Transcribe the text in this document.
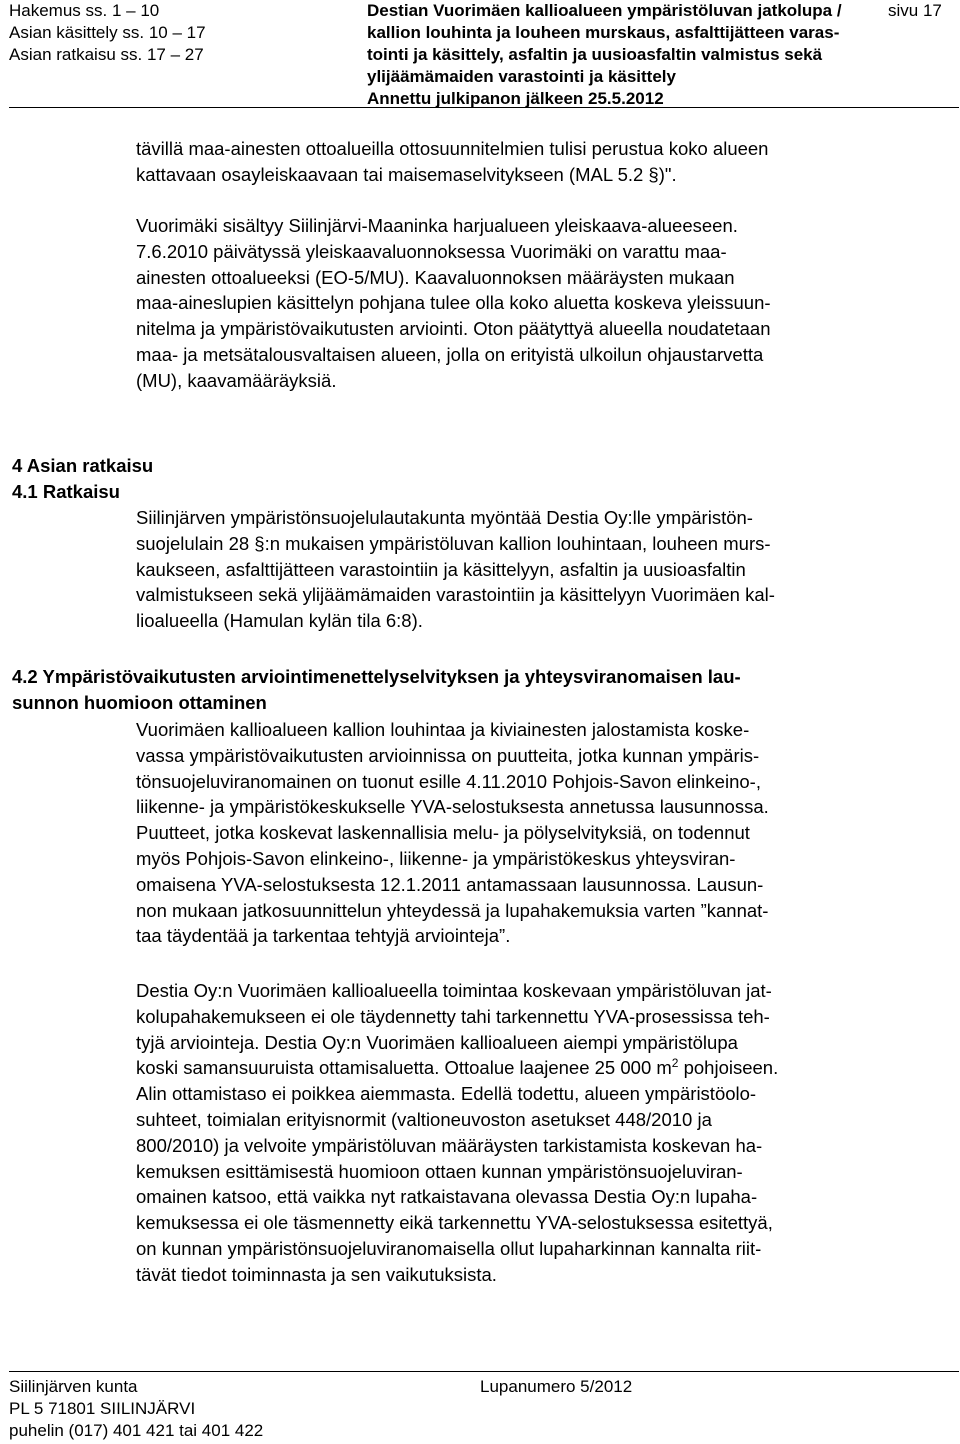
Hakemus ss. 1 – 10
Asian käsittely ss. 10 – 17
Asian ratkaisu ss. 17 – 27
Destian Vuorimäen kallioalueen ympäristöluvan jatkolupa /
kallion louhinta ja louheen murskaus, asfalttijätteen varas-
tointi ja käsittely, asfaltin ja uusioasfaltin valmistus sekä
ylijäämämaiden varastointi ja käsittely
Annettu julkipanon jälkeen 25.5.2012
sivu 17
tävillä maa-ainesten ottoalueilla ottosuunnitelmien tulisi perustua koko alueen
kattavaan osayleiskaavaan tai maisemaselvitykseen (MAL 5.2 §)".
Vuorimäki sisältyy Siilinjärvi-Maaninka harjualueen yleiskaava-alueeseen.
7.6.2010 päivätyssä yleiskaavaluonnoksessa Vuorimäki on varattu maa-
ainesten ottoalueeksi (EO-5/MU). Kaavaluonnoksen määräysten mukaan
maa-aineslupien käsittelyn pohjana tulee olla koko aluetta koskeva yleissuun-
nitelma ja ympäristövaikutusten arviointi. Oton päätyttyä alueella noudatetaan
maa- ja metsätalousvaltaisen alueen, jolla on erityistä ulkoilun ohjaustarvetta
(MU), kaavamääräyksiä.
4 Asian ratkaisu
4.1 Ratkaisu
Siilinjärven ympäristönsuojelulautakunta myöntää Destia Oy:lle ympäristön-
suojelulain 28 §:n mukaisen ympäristöluvan kallion louhintaan, louheen murs-
kaukseen, asfalttijätteen varastointiin ja käsittelyyn, asfaltin ja uusioasfaltin
valmistukseen sekä ylijäämämaiden varastointiin ja käsittelyyn Vuorimäen kal-
lioalueella (Hamulan kylän tila 6:8).
4.2 Ympäristövaikutusten arviointimenettelyselvityksen ja yhteysviranomaisen lau-
sunnon huomioon ottaminen
Vuorimäen kallioalueen kallion louhintaa ja kiviainesten jalostamista koske-
vassa ympäristövaikutusten arvioinnissa on puutteita, jotka kunnan ympäris-
tönsuojeluviranomainen on tuonut esille 4.11.2010 Pohjois-Savon elinkeino-,
liikenne- ja ympäristökeskukselle YVA-selostuksesta annetussa lausunnossa.
Puutteet, jotka koskevat laskennallisia melu- ja pölyselvityksiä, on todennut
myös Pohjois-Savon elinkeino-, liikenne- ja ympäristökeskus yhteysviran-
omaisena YVA-selostuksesta 12.1.2011 antamassaan lausunnossa. Lausun-
non mukaan jatkosuunnittelun yhteydessä ja lupahakemuksia varten ”kannat-
taa täydentää ja tarkentaa tehtyjä arviointeja”.
Destia Oy:n Vuorimäen kallioalueella toimintaa koskevaan ympäristöluvan jat-
kolupahakemukseen ei ole täydennetty tahi tarkennettu YVA-prosessissa teh-
tyjä arviointeja. Destia Oy:n Vuorimäen kallioalueen aiempi ympäristölupa
koski samansuuruista ottamisaluetta. Ottoalue laajenee 25 000 $m^2$ pohjoiseen.
Alin ottamistaso ei poikkea aiemmasta. Edellä todettu, alueen ympäristöolo-
suhteet, toimialan erityisnormit (valtioneuvoston asetukset 448/2010 ja
800/2010) ja velvoite ympäristöluvan määräysten tarkistamista koskevan ha-
kemuksen esittämisestä huomioon ottaen kunnan ympäristönsuojeluviran-
omainen katsoo, että vaikka nyt ratkaistavana olevassa Destia Oy:n lupaha-
kemuksessa ei ole täsmennetty eikä tarkennettu YVA-selostuksessa esitettyä,
on kunnan ympäristönsuojeluviranomaisella ollut lupaharkinnan kannalta riit-
tävät tiedot toiminnasta ja sen vaikutuksista.
Siilinjärven kunta
PL 5 71801 SIILINJÄRVI
puhelin (017) 401 421 tai 401 422
Lupanumero 5/2012
